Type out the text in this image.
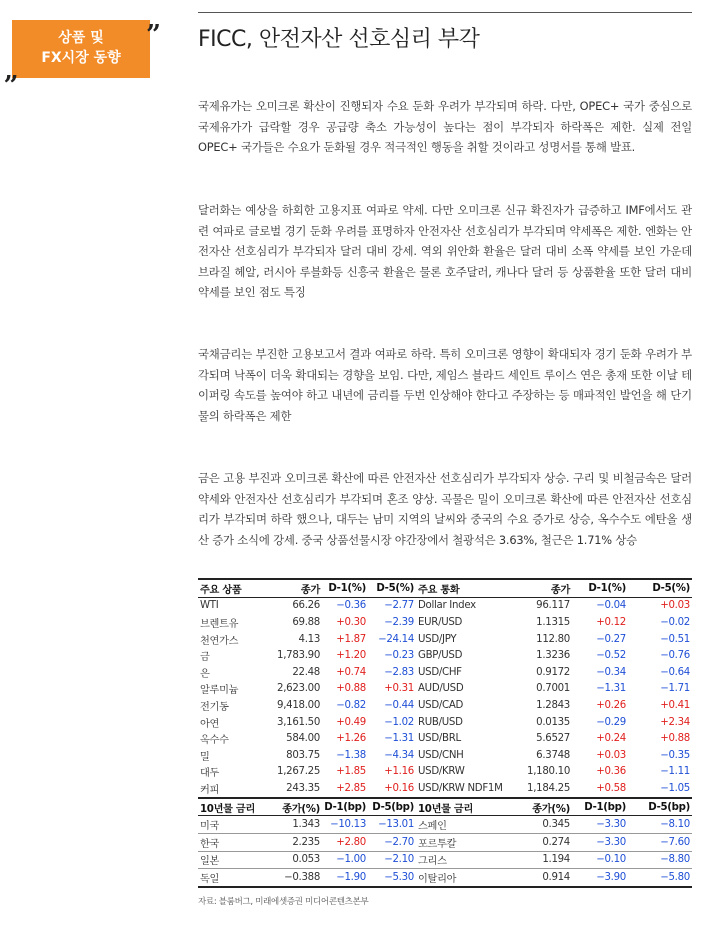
상품 및
FX시장 동향
„
” FICC, 안전자산 선호심리 부각

국제유가는 오미크론 확산이 진행되자 수요 둔화 우려가 부각되며 하락. 다만, OPEC+ 국가 중심으로 국제유가가 급락할 경우 공급량 축소 가능성이 높다는 점이 부각되자 하락폭은 제한. 실제 전일 OPEC+ 국가들은 수요가 둔화될 경우 적극적인 행동을 취할 것이라고 성명서를 통해 발표.

달러화는 예상을 하회한 고용지표 여파로 약세. 다만 오미크론 신규 확진자가 급증하고 IMF에서도 관련 여파로 글로벌 경기 둔화 우려를 표명하자 안전자산 선호심리가 부각되며 약세폭은 제한. 엔화는 안전자산 선호심리가 부각되자 달러 대비 강세. 역외 위안화 환율은 달러 대비 소폭 약세를 보인 가운데 브라질 헤알, 러시아 루블화등 신흥국 환율은 물론 호주달러, 캐나다 달러 등 상품환율 또한 달러 대비 약세를 보인 점도 특징

국채금리는 부진한 고용보고서 결과 여파로 하락. 특히 오미크론 영향이 확대되자 경기 둔화 우려가 부각되며 낙폭이 더욱 확대되는 경향을 보임. 다만, 제임스 블라드 세인트 루이스 연은 총재 또한 이날 테이퍼링 속도를 높여야 하고 내년에 금리를 두번 인상해야 한다고 주장하는 등 매파적인 발언을 해 단기물의 하락폭은 제한

금은 고용 부진과 오미크론 확산에 따른 안전자산 선호심리가 부각되자 상승. 구리 및 비철금속은 달러 약세와 안전자산 선호심리가 부각되며 혼조 양상. 곡물은 밀이 오미크론 확산에 따른 안전자산 선호심리가 부각되며 하락 했으나, 대두는 남미 지역의 날씨와 중국의 수요 증가로 상승, 옥수수도 에탄올 생산 증가 소식에 강세. 중국 상품선물시장 야간장에서 철광석은 3.63%, 철근은 1.71% 상승

주요 상품	종가	D-1(%)	D-5(%)	주요 통화	종가	D-1(%)	D-5(%)
WTI	66.26	−0.36	−2.77	Dollar Index	96.117	−0.04	+0.03
브렌트유	69.88	+0.30	−2.39	EUR/USD	1.1315	+0.12	−0.02
천연가스	4.13	+1.87	−24.14	USD/JPY	112.80	−0.27	−0.51
금	1,783.90	+1.20	−0.23	GBP/USD	1.3236	−0.52	−0.76
은	22.48	+0.74	−2.83	USD/CHF	0.9172	−0.34	−0.64
알루미늄	2,623.00	+0.88	+0.31	AUD/USD	0.7001	−1.31	−1.71
전기동	9,418.00	−0.82	−0.44	USD/CAD	1.2843	+0.26	+0.41
아연	3,161.50	+0.49	−1.02	RUB/USD	0.0135	−0.29	+2.34
옥수수	584.00	+1.26	−1.31	USD/BRL	5.6527	+0.24	+0.88
밀	803.75	−1.38	−4.34	USD/CNH	6.3748	+0.03	−0.35
대두	1,267.25	+1.85	+1.16	USD/KRW	1,180.10	+0.36	−1.11
커피	243.35	+2.85	+0.16	USD/KRW NDF1M	1,184.25	+0.58	−1.05
10년물 금리	종가(%)	D-1(bp)	D-5(bp)	10년물 금리	종가(%)	D-1(bp)	D-5(bp)
미국	1.343	−10.13	−13.01	스페인	0.345	−3.30	−8.10
한국	2.235	+2.80	−2.70	포르투칼	0.274	−3.30	−7.60
일본	0.053	−1.00	−2.10	그리스	1.194	−0.10	−8.80
독일	−0.388	−1.90	−5.30	이탈리아	0.914	−3.90	−5.80
자료: 블룸버그, 미래에셋증권 미디어콘텐츠본부
